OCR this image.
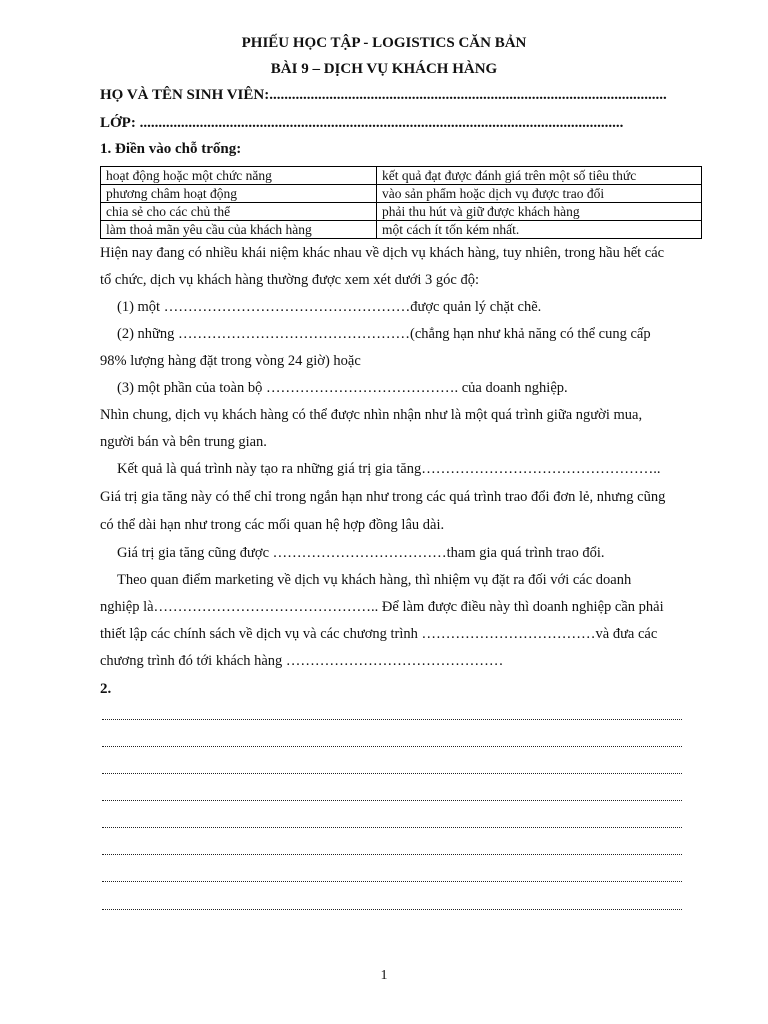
PHIẾU HỌC TẬP - LOGISTICS CĂN BẢN
BÀI 9 – DỊCH VỤ KHÁCH HÀNG
HỌ VÀ TÊN SINH VIÊN:..........................................................................................................
LỚP: .................................................................................................................................
1. Điền vào chỗ trống:
hoạt động hoặc một chức năng	kết quả đạt được đánh giá trên một số tiêu thức
phương châm hoạt động	vào sản phẩm hoặc dịch vụ được trao đổi
chia sẻ cho các chủ thể	phải thu hút và giữ được khách hàng
làm thoả mãn yêu cầu của khách hàng	một cách ít tốn kém nhất.
Hiện nay đang có nhiều khái niệm khác nhau về dịch vụ khách hàng, tuy nhiên, trong hầu hết các
tổ chức, dịch vụ khách hàng thường được xem xét dưới 3 góc độ:
(1) một ……………………………………………được quản lý chặt chẽ.
(2) những …………………………………………(chẳng hạn như khả năng có thể cung cấp
98% lượng hàng đặt trong vòng 24 giờ) hoặc
(3) một phần của toàn bộ …………………………………. của doanh nghiệp.
Nhìn chung, dịch vụ khách hàng có thể được nhìn nhận như là một quá trình giữa người mua,
người bán và bên trung gian.
Kết quả là quá trình này tạo ra những giá trị gia tăng…………………………………………..
Giá trị gia tăng này có thể chỉ trong ngắn hạn như trong các quá trình trao đổi đơn lẻ, nhưng cũng
có thể dài hạn như trong các mối quan hệ hợp đồng lâu dài.
Giá trị gia tăng cũng được ………………………………tham gia quá trình trao đổi.
Theo quan điểm marketing về dịch vụ khách hàng, thì nhiệm vụ đặt ra đối với các doanh
nghiệp là……………………………………….. Để làm được điều này thì doanh nghiệp cần phải
thiết lập các chính sách về dịch vụ và các chương trình ………………………………và đưa các
chương trình đó tới khách hàng ………………………………………
2.
1
